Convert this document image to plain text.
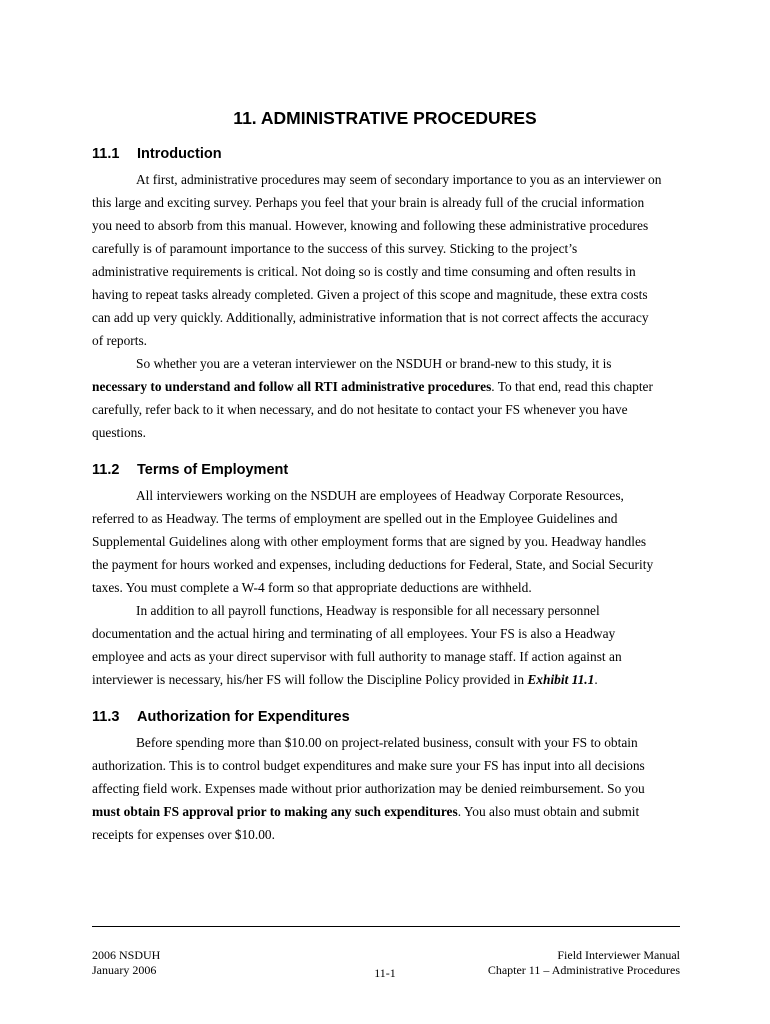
11. ADMINISTRATIVE PROCEDURES
11.1 Introduction
At first, administrative procedures may seem of secondary importance to you as an interviewer on
this large and exciting survey. Perhaps you feel that your brain is already full of the crucial information
you need to absorb from this manual. However, knowing and following these administrative procedures
carefully is of paramount importance to the success of this survey. Sticking to the project’s
administrative requirements is critical. Not doing so is costly and time consuming and often results in
having to repeat tasks already completed. Given a project of this scope and magnitude, these extra costs
can add up very quickly. Additionally, administrative information that is not correct affects the accuracy
of reports.
So whether you are a veteran interviewer on the NSDUH or brand-new to this study, it is
necessary to understand and follow all RTI administrative procedures. To that end, read this chapter
carefully, refer back to it when necessary, and do not hesitate to contact your FS whenever you have
questions.
11.2 Terms of Employment
All interviewers working on the NSDUH are employees of Headway Corporate Resources,
referred to as Headway. The terms of employment are spelled out in the Employee Guidelines and
Supplemental Guidelines along with other employment forms that are signed by you. Headway handles
the payment for hours worked and expenses, including deductions for Federal, State, and Social Security
taxes. You must complete a W-4 form so that appropriate deductions are withheld.
In addition to all payroll functions, Headway is responsible for all necessary personnel
documentation and the actual hiring and terminating of all employees. Your FS is also a Headway
employee and acts as your direct supervisor with full authority to manage staff. If action against an
interviewer is necessary, his/her FS will follow the Discipline Policy provided in Exhibit 11.1.
11.3 Authorization for Expenditures
Before spending more than $10.00 on project-related business, consult with your FS to obtain
authorization. This is to control budget expenditures and make sure your FS has input into all decisions
affecting field work. Expenses made without prior authorization may be denied reimbursement. So you
must obtain FS approval prior to making any such expenditures. You also must obtain and submit
receipts for expenses over $10.00.
2006 NSDUH
January 2006	11-1
Field Interviewer Manual
Chapter 11 – Administrative Procedures
